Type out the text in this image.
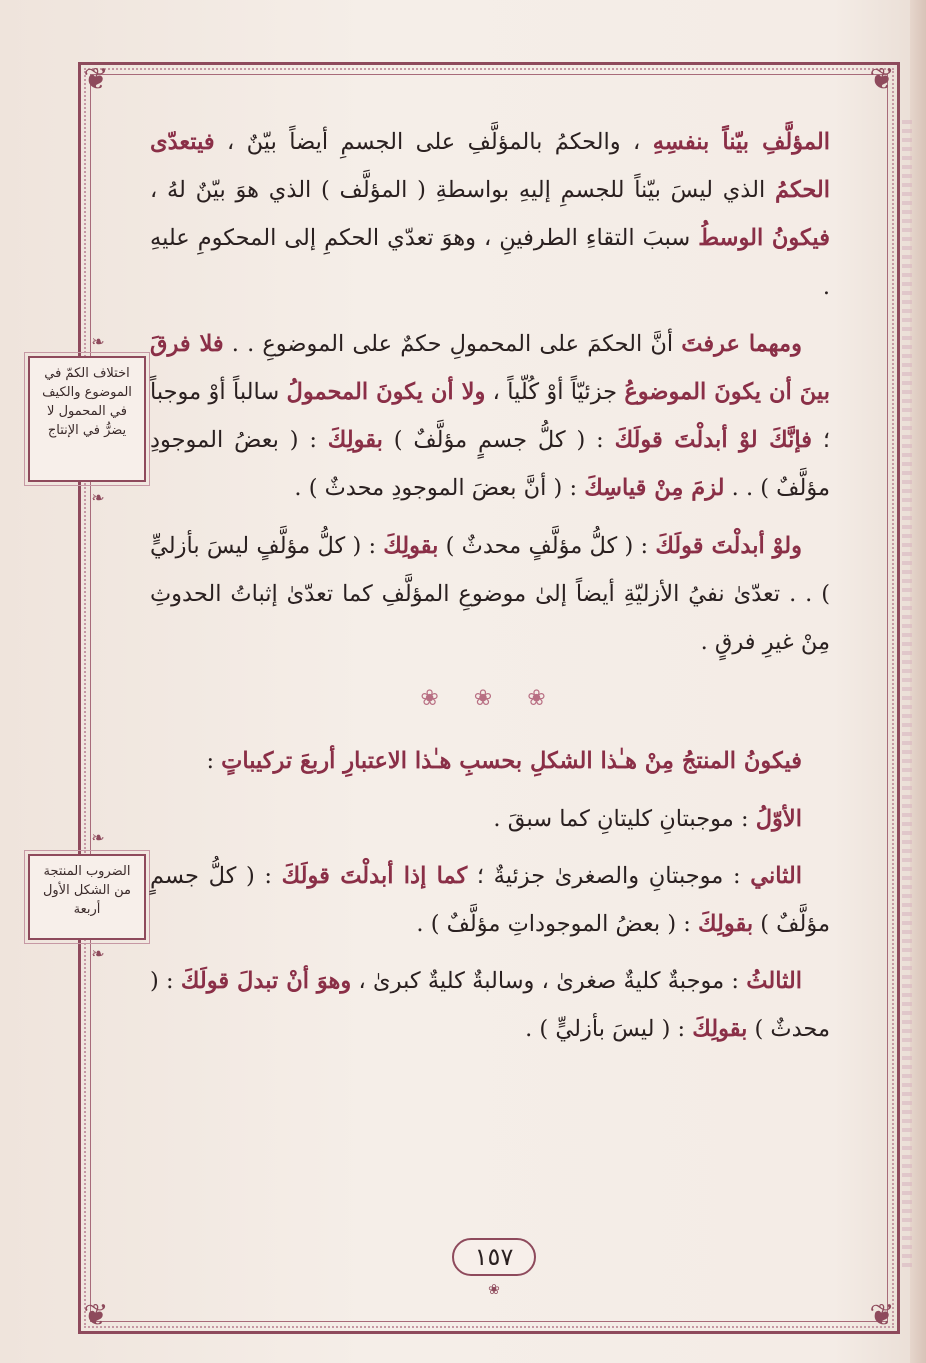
❦	❦
❦	❦
❧
اختلاف الكمّ في الموضوع والكيف في المحمول لا يضرُّ في الإنتاج
❧
❧
الضروب المنتجة من الشكل الأول أربعة
❧

المؤلَّفِ بيّناً بنفسِهِ ، والحكمُ بالمؤلَّفِ على الجسمِ أيضاً بيّنٌ ، فيتعدّى الحكمُ الذي ليسَ بيّناً للجسمِ إليهِ بواسطةِ ( المؤلَّف ) الذي هوَ بيّنٌ لهُ ، فيكونُ الوسطُ سببَ التقاءِ الطرفينِ ، وهوَ تعدّي الحكمِ إلى المحكومِ عليهِ .

ومهما عرفتَ أنَّ الحكمَ على المحمولِ حكمٌ على الموضوعِ . . فلا فرقَ بينَ أن يكونَ الموضوعُ جزئيّاً أوْ كُلّياً ، ولا أن يكونَ المحمولُ سالباً أوْ موجباً ؛ فإنَّكَ لوْ أبدلْتَ قولَكَ : ( كلُّ جسمٍ مؤلَّفٌ ) بقولِكَ : ( بعضُ الموجودِ مؤلَّفٌ ) . . لزمَ مِنْ قياسِكَ : ( أنَّ بعضَ الموجودِ محدثٌ ) .

ولوْ أبدلْتَ قولَكَ : ( كلُّ مؤلَّفٍ محدثٌ ) بقولِكَ : ( كلُّ مؤلَّفٍ ليسَ بأزليٍّ ) . . تعدّىٰ نفيُ الأزليّةِ أيضاً إلىٰ موضوعِ المؤلَّفِ كما تعدّىٰ إثباتُ الحدوثِ مِنْ غيرِ فرقٍ .

❀ ❀ ❀

فيكونُ المنتجُ مِنْ هـٰذا الشكلِ بحسبِ هـٰذا الاعتبارِ أربعَ تركيباتٍ :

الأوّلُ : موجبتانِ كليتانِ كما سبقَ .

الثاني : موجبتانِ والصغرىٰ جزئيةٌ ؛ كما إذا أبدلْتَ قولَكَ : ( كلُّ جسمٍ مؤلَّفٌ ) بقولِكَ : ( بعضُ الموجوداتِ مؤلَّفٌ ) .

الثالثُ : موجبةٌ كليةٌ صغرىٰ ، وسالبةٌ كليةٌ كبرىٰ ، وهوَ أنْ تبدلَ قولَكَ : ( محدثٌ ) بقولِكَ : ( ليسَ بأزليٍّ ) .

١٥٧
❀
